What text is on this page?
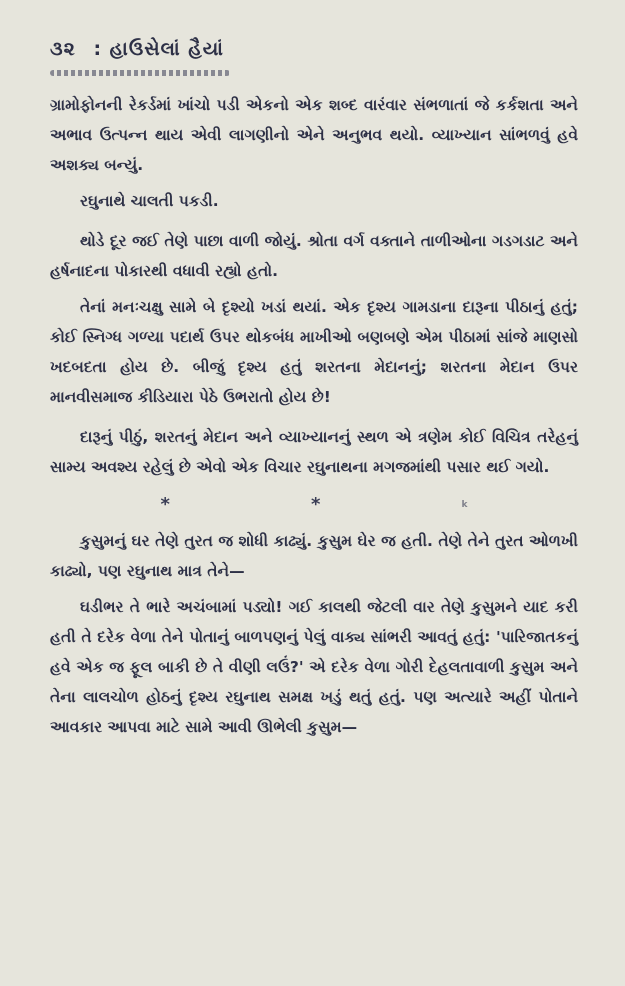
૩૨ : હાઉસેલાં હૈયાં

ગ્રામોફોનની રેકર્ડમાં ખાંચો પડી એકનો એક શબ્દ વારંવાર સંભળાતાં જે કર્કશતા અને અભાવ ઉત્પન્ન થાય એવી લાગણીનો એને અનુભવ થયો. વ્યાખ્યાન સાંભળવું હવે અશક્ય બન્યું.

રઘુનાથે ચાલતી પકડી.

થોડે દૂર જઈ તેણે પાછા વાળી જોયું. શ્રોતા વર્ગ વક્તાને તાળીઓના ગડગડાટ અને હર્ષનાદના પોકારથી વધાવી રહ્યો હતો.

તેનાં મનઃચક્ષુ સામે બે દૃશ્યો ખડાં થયાં. એક દૃશ્ય ગામડાના દારૂના પીઠાનું હતું; કોઈ સ્નિગ્ધ ગળ્યા પદાર્થ ઉપર થોકબંધ માખીઓ બણબણે એમ પીઠામાં સાંજે માણસો ખદબદતા હોય છે. બીજું દૃશ્ય હતું શરતના મેદાનનું; શરતના મેદાન ઉપર માનવીસમાજ કીડિયારા પેઠે ઉભરાતો હોય છે!

દારૂનું પીઠું, શરતનું મેદાન અને વ્યાખ્યાનનું સ્થળ એ ત્રણેમ કોઈ વિચિત્ર તરેહનું સામ્ય અવશ્ય રહેલું છે એવો એક વિચાર રઘુનાથના મગજમાંથી પસાર થઈ ગયો.

*	*	k

કુસુમનું ઘર તેણે તુરત જ શોધી કાઢ્યું. કુસુમ ઘેર જ હતી. તેણે તેને તુરત ઓળખી કાઢ્યો, પણ રઘુનાથ માત્ર તેને—

ઘડીભર તે ભારે અચંબામાં પડ્યો! ગઈ કાલથી જેટલી વાર તેણે કુસુમને યાદ કરી હતી તે દરેક વેળા તેને પોતાનું બાળપણનું પેલું વાક્ય સાંભરી આવતું હતું: 'પારિજાતકનું હવે એક જ ફૂલ બાકી છે તે વીણી લઉં?' એ દરેક વેળા ગોરી દેહલતાવાળી કુસુમ અને તેના લાલચોળ હોઠનું દૃશ્ય રઘુનાથ સમક્ષ ખડું થતું હતું. પણ અત્યારે અહીં પોતાને આવકાર આપવા માટે સામે આવી ઊભેલી કુસુમ—
